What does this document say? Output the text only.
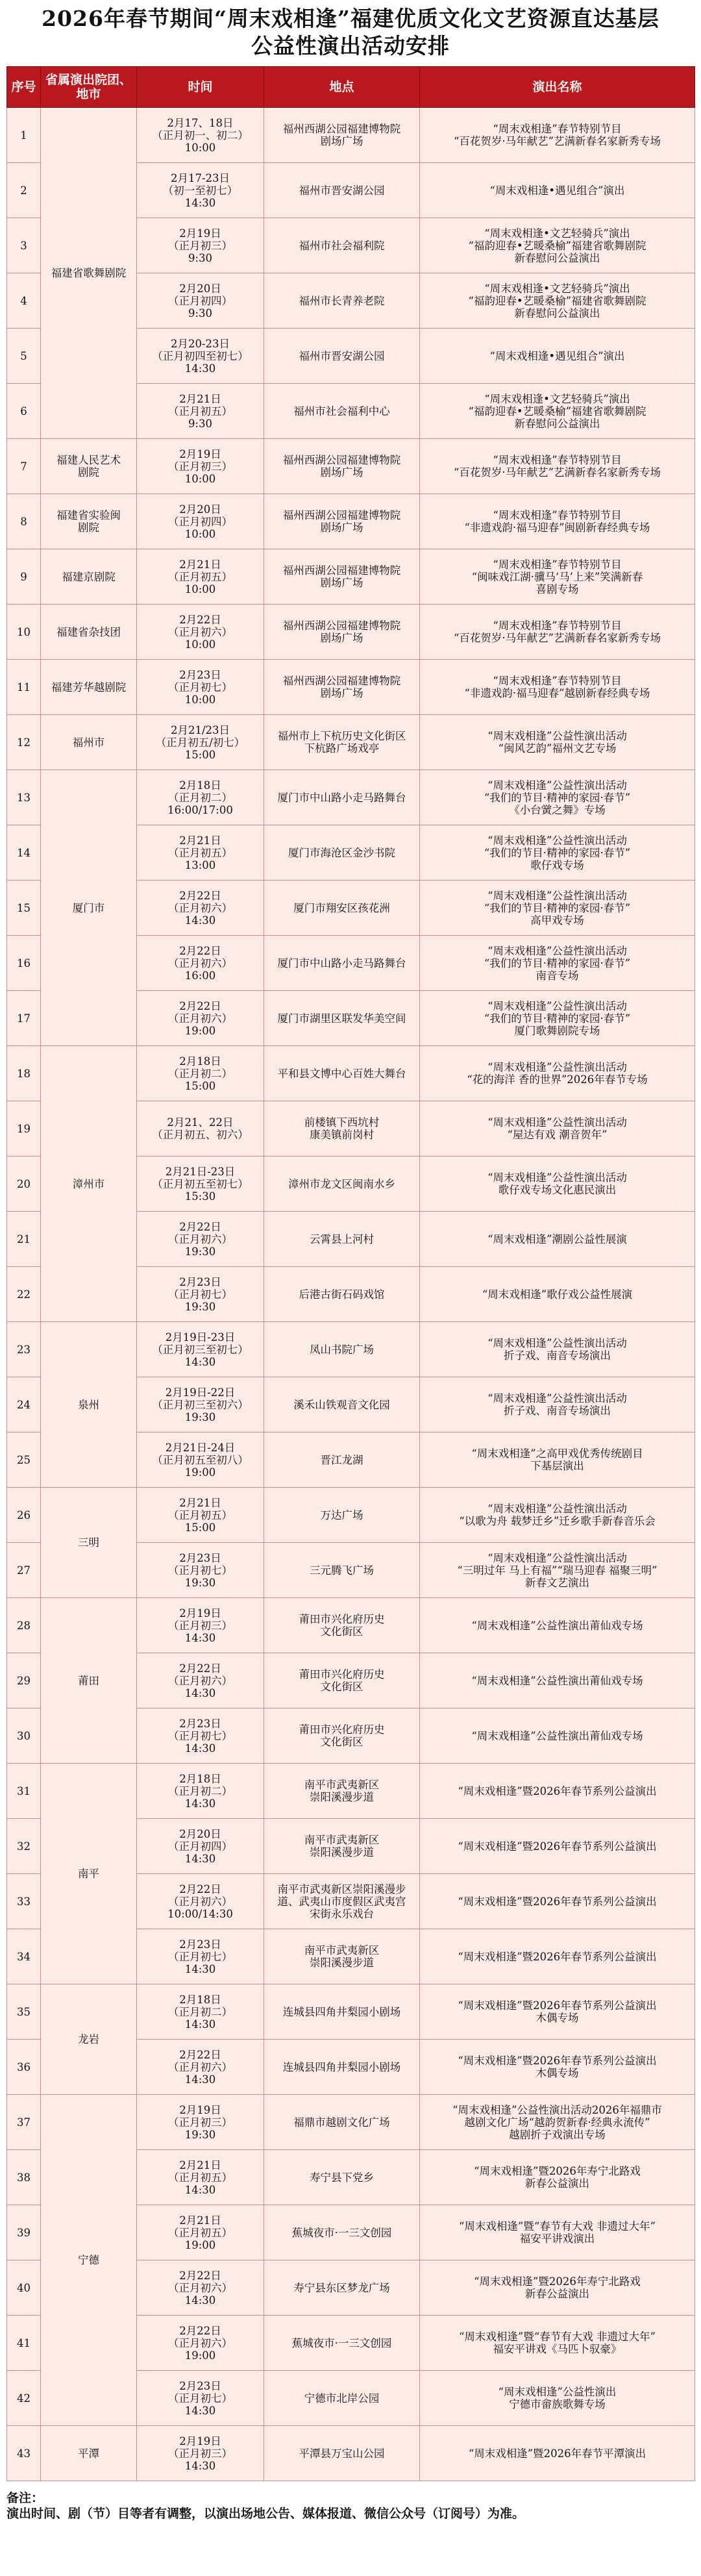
2026年春节期间“周末戏相逢”福建优质文化文艺资源直达基层
公益性演出活动安排
序号	省属演出院团、
地市	时间	地点	演出名称
1	福建省歌舞剧院	2月17、18日
（正月初一、初二）
10:00	福州西湖公园福建博物院
剧场广场	“周末戏相逢”春节特别节目
“百花贺岁·马年献艺”艺满新春名家新秀专场
2		2月17-23日
（初一至初七）
14:30	福州市晋安湖公园	“周末戏相逢•遇见组合”演出
3		2月19日
（正月初三）
9:30	福州市社会福利院	“周末戏相逢•文艺轻骑兵”演出
“福韵迎春•艺暖桑榆”福建省歌舞剧院
新春慰问公益演出
4		2月20日
（正月初四）
9:30	福州市长青养老院	“周末戏相逢•文艺轻骑兵”演出
“福韵迎春•艺暖桑榆”福建省歌舞剧院
新春慰问公益演出
5		2月20-23日
（正月初四至初七）
14:30	福州市晋安湖公园	“周末戏相逢•遇见组合”演出
6		2月21日
（正月初五）
9:30	福州市社会福利中心	“周末戏相逢•文艺轻骑兵”演出
“福韵迎春•艺暖桑榆”福建省歌舞剧院
新春慰问公益演出
7	福建人民艺术
剧院	2月19日
（正月初三）
10:00	福州西湖公园福建博物院
剧场广场	“周末戏相逢”春节特别节目
“百花贺岁·马年献艺”艺满新春名家新秀专场
8	福建省实验闽
剧院	2月20日
（正月初四）
10:00	福州西湖公园福建博物院
剧场广场	“周末戏相逢”春节特别节目
“非遗戏韵·福马迎春”闽剧新春经典专场
9	福建京剧院	2月21日
（正月初五）
10:00	福州西湖公园福建博物院
剧场广场	“周末戏相逢”春节特别节目
“闽味戏江湖·骥马‘马’上来”笑满新春
喜剧专场
10	福建省杂技团	2月22日
（正月初六）
10:00	福州西湖公园福建博物院
剧场广场	“周末戏相逢”春节特别节目
“百花贺岁·马年献艺”艺满新春名家新秀专场
11	福建芳华越剧院	2月23日
（正月初七）
10:00	福州西湖公园福建博物院
剧场广场	“周末戏相逢”春节特别节目
“非遗戏韵·福马迎春”越剧新春经典专场
12	福州市	2月21/23日
（正月初五/初七）
15:00	福州市上下杭历史文化街区
下杭路广场戏亭	“周末戏相逢”公益性演出活动
“闽风艺韵”福州文艺专场
13	厦门市	2月18日
（正月初二）
16:00/17:00	厦门市中山路小走马路舞台	“周末戏相逢”公益性演出活动
“我们的节目·精神的家园·春节”
《小台黉之舞》专场
14		2月21日
（正月初五）
13:00	厦门市海沧区金沙书院	“周末戏相逢”公益性演出活动
“我们的节目·精神的家园·春节”
歌仔戏专场
15		2月22日
（正月初六）
14:30	厦门市翔安区孩花洲	“周末戏相逢”公益性演出活动
“我们的节目·精神的家园·春节”
高甲戏专场
16		2月22日
（正月初六）
16:00	厦门市中山路小走马路舞台	“周末戏相逢”公益性演出活动
“我们的节目·精神的家园·春节”
南音专场
17		2月22日
（正月初六）
19:00	厦门市湖里区联发华美空间	“周末戏相逢”公益性演出活动
“我们的节目·精神的家园·春节”
厦门歌舞剧院专场
18	漳州市	2月18日
（正月初二）
15:00	平和县文博中心百姓大舞台	“周末戏相逢”公益性演出活动
“花的海洋 香的世界”2026年春节专场
19		2月21、22日
（正月初五、初六）	前楼镇下西坑村
康美镇前岗村	“周末戏相逢”公益性演出活动
“屋达有戏 潮音贺年”
20		2月21日-23日
（正月初五至初七）
15:30	漳州市龙文区闽南水乡	“周末戏相逢”公益性演出活动
歌仔戏专场文化惠民演出
21		2月22日
（正月初六）
19:30	云霄县上河村	“周末戏相逢”潮剧公益性展演
22		2月23日
（正月初七）
19:30	后港古街石码戏馆	“周末戏相逢”歌仔戏公益性展演
23	泉州	2月19日-23日
（正月初三至初七）
14:30	凤山书院广场	“周末戏相逢”公益性演出活动
折子戏、南音专场演出
24		2月19日-22日
（正月初三至初六）
19:30	溪禾山铁观音文化园	“周末戏相逢”公益性演出活动
折子戏、南音专场演出
25		2月21日-24日
（正月初五至初八）
19:00	晋江龙湖	“周末戏相逢”之高甲戏优秀传统剧目
下基层演出
26	三明	2月21日
（正月初五）
15:00	万达广场	“周末戏相逢”公益性演出活动
“以歌为舟 载梦迁乡”迁乡歌手新春音乐会
27		2月23日
（正月初七）
19:30	三元腾飞广场	“周末戏相逢”公益性演出活动
“三明过年 马上有福”“瑞马迎春 福聚三明”
新春文艺演出
28	莆田	2月19日
（正月初三）
14:30	莆田市兴化府历史
文化街区	“周末戏相逢”公益性演出莆仙戏专场
29		2月22日
（正月初六）
14:30	莆田市兴化府历史
文化街区	“周末戏相逢”公益性演出莆仙戏专场
30		2月23日
（正月初七）
14:30	莆田市兴化府历史
文化街区	“周末戏相逢”公益性演出莆仙戏专场
31	南平	2月18日
（正月初二）
14:30	南平市武夷新区
崇阳溪漫步道	“周末戏相逢”暨2026年春节系列公益演出
32		2月20日
（正月初四）
14:30	南平市武夷新区
崇阳溪漫步道	“周末戏相逢”暨2026年春节系列公益演出
33		2月22日
（正月初六）
10:00/14:30	南平市武夷新区崇阳溪漫步
道、武夷山市度假区武夷宫
宋街永乐戏台	“周末戏相逢”暨2026年春节系列公益演出
34		2月23日
（正月初七）
14:30	南平市武夷新区
崇阳溪漫步道	“周末戏相逢”暨2026年春节系列公益演出
35	龙岩	2月18日
（正月初二）
14:30	连城县四角井梨园小剧场	“周末戏相逢”暨2026年春节系列公益演出
木偶专场
36		2月22日
（正月初六）
14:30	连城县四角井梨园小剧场	“周末戏相逢”暨2026年春节系列公益演出
木偶专场
37	宁德	2月19日
（正月初三）
19:30	福鼎市越剧文化广场	“周末戏相逢”公益性演出活动2026年福鼎市
越剧文化广场“越韵贺新春·经典永流传”
越剧折子戏演出专场
38		2月21日
（正月初五）
14:30	寿宁县下党乡	“周末戏相逢”暨2026年寿宁北路戏
新春公益演出
39		2月21日
（正月初五）
19:00	蕉城夜市·一三文创园	“周末戏相逢”暨“春节有大戏 非遗过大年”
福安平讲戏演出
40		2月22日
（正月初六）
14:30	寿宁县东区梦龙广场	“周末戏相逢”暨2026年寿宁北路戏
新春公益演出
41		2月22日
（正月初六）
19:00	蕉城夜市·一三文创园	“周末戏相逢”暨“春节有大戏 非遗过大年”
福安平讲戏《马匹卜驭豪》
42		2月23日
（正月初七）
14:30	宁德市北岸公园	“周末戏相逢”公益性演出
宁德市畲族歌舞专场
43	平潭	2月19日
（正月初三）
14:30	平潭县万宝山公园	“周末戏相逢”暨2026年春节平潭演出
备注：
演出时间、剧（节）目等者有调整，以演出场地公告、媒体报道、微信公众号（订阅号）为准。
